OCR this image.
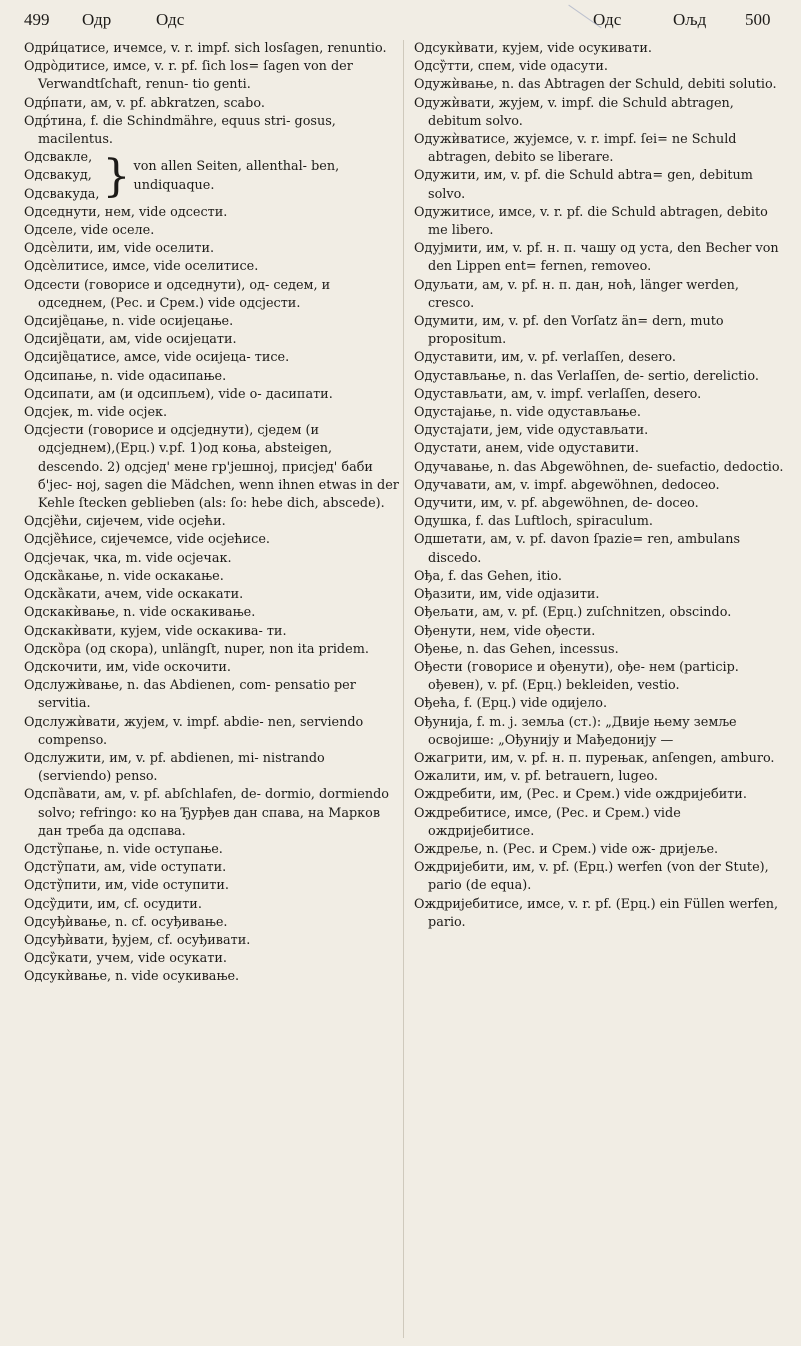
499 Одр	Одс	Одс	Ољд 500

Одри́цатисе, ичемсе, v. r. impf. sich losſagen, renuntio.

Одро̀дитисе, имсе, v. r. pf. ſich los= ſagen von der Verwandtſchaft, renun- tio genti.

Одр́пати, ам, v. pf. abkratzen, scabo.

Одр́тина, f. die Schindmähre, equus stri- gosus, macilentus.

Одсвакле,
Одсвакуд,
Одсвакуда, } von allen Seiten, allenthal- ben, undiquaque.

Одседнути, нем, vide одсести.

Одселе, vide оселе.

Одсѐлити, им, vide оселити.

Одсѐлитисе, имсе, vide оселитисе.

Одсести (говорисе и одседнути), од- седем, и одседнем, (Рес. и Срем.) vide одсјести.

Одсије̏цање, n. vide осијецање.

Одсије̏цати, ам, vide осијецати.

Одсије̏цатисе, амсе, vide осијеца- тисе.

Одсипање, n. vide одасипање.

Одсипати, ам (и одсипљем), vide о- дасипати.

Одсјек, m. vide осјек.

Одсјести (говорисе и одсједнути), сједем (и одсједнем),(Ерц.) v.pf. 1)од коња, absteigen, descendo. 2) одсјед' мене гр'јешној, присјед' баби б'јес- ној, sagen die Mädchen, wenn ihnen etwas in der Kehle ſtecken geblieben (als: ſo: hebe dich, abscede).

Одсје̏ћи, сијечем, vide осјећи.

Одсје̏ћисе, сијечемсе, vide осјећисе.

Одсјечак, чка, m. vide осјечак.

Одска̏кање, n. vide оскакање.

Одска̏кати, ачем, vide оскакати.

Одскакѝвање, n. vide оскакивање.

Одскакѝвати, кујем, vide оскакива- ти.

Одско̏ра (од скора), unlängſt, nuper, non ita pridem.

Одскочити, им, vide оскочити.

Одслужѝвање, n. das Abdienen, com- pensatio per servitia.

Одслужѝвати, жујем, v. impf. abdie- nen, serviendo compenso.

Одслужити, им, v. pf. abdienen, mi- nistrando (serviendo) penso.

Одспа̏вати, ам, v. pf. abſchlafen, de- dormio, dormiendo solvo; refringo: ко на Ђурђев дан спава, на Марков дан треба да одспава.

Одсту̏пање, n. vide оступање.

Одсту̏пати, ам, vide оступати.

Одсту̏пити, им, vide оступити.

Одсу̏дити, им, cf. осудити.

Одсуђѝвање, n. cf. осуђивање.

Одсуђѝвати, ђујем, cf. осуђивати.

Одсу̏кати, учем, vide осукати.

Одсукѝвање, n. vide осукивање.

Одсукѝвати, кујем, vide осукивати.

Одсу̏тти, спем, vide одасути.

Одужѝвање, n. das Abtragen der Schuld, debiti solutio.

Одужѝвати, жујем, v. impf. die Schuld abtragen, debitum solvo.

Одужѝватисе, жујемсе, v. r. impf. ſei= ne Schuld abtragen, debito se liberare.

Одужити, им, v. pf. die Schuld abtra= gen, debitum solvo.

Одужитисе, имсе, v. r. pf. die Schuld abtragen, debito me libero.

Одујмити, им, v. pf. н. п. чашу од уста, den Becher von den Lippen ent= fernen, removeo.

Одуљати, ам, v. pf. н. п. дан, ноћ, länger werden, cresco.

Одумити, им, v. pf. den Vorſatz än= dern, muto propositum.

Одуставити, им, v. pf. verlaſſen, desero.

Одустављање, n. das Verlaſſen, de- sertio, derelictio.

Одустављати, ам, v. impf. verlaſſen, desero.

Одустајање, n. vide одустављање.

Одустајати, јем, vide одустављати.

Одустати, анем, vide одуставити.

Одучавање, n. das Abgewöhnen, de- suefactio, dedoctio.

Одучавати, ам, v. impf. abgewöhnen, dedoceo.

Одучити, им, v. pf. abgewöhnen, de- doceo.

Одушка, f. das Luftloch, spiraculum.

Одшетати, ам, v. pf. davon ſpazie= ren, ambulans discedo.

Ођа, f. das Gehen, itio.

Ођазити, им, vide одјазити.

Ођељати, ам, v. pf. (Ерц.) zuſchnitzen, obscindo.

Ођенути, нем, vide ођести.

Ођење, n. das Gehen, incessus.

Ођести (говорисе и ођенути), ође- нем (particip. ођевен), v. pf. (Ерц.) bekleiden, vestio.

Ођећа, f. (Ерц.) vide одијело.

Ођунија, f. m. j. земља (ст.): „Двије њему земље освојише: „Ођунију и Мађедонију —

Ожагрити, им, v. pf. н. п. пурењак, anſengen, amburo.

Ожалити, им, v. pf. betrauern, lugeo.

Ождребити, им, (Рес. и Срем.) vide ождријебити.

Ождребитисе, имсе, (Рес. и Срем.) vide ождријебитисе.

Ождреље, n. (Рес. и Срем.) vide ож- дријеље.

Ождријебити, им, v. pf. (Ерц.) werfen (von der Stute), pario (de equa).

Ождријебитисе, имсе, v. r. pf. (Ерц.) ein Füllen werfen, pario.
